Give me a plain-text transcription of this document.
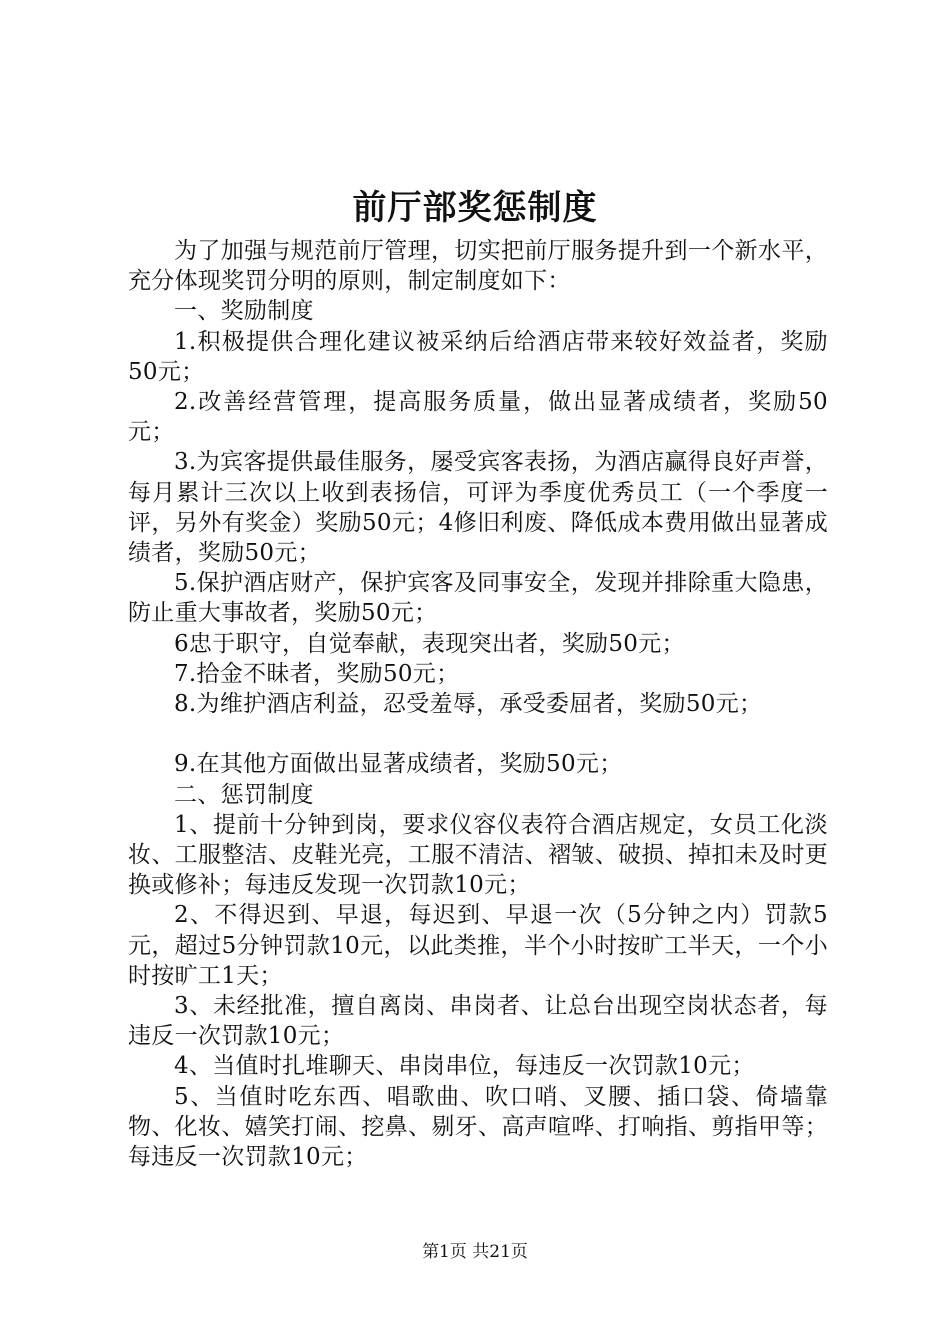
前厅部奖惩制度

为了加强与规范前厅管理，切实把前厅服务提升到一个新水平，充分体现奖罚分明的原则，制定制度如下：

一、奖励制度

1.积极提供合理化建议被采纳后给酒店带来较好效益者，奖励50元；

2.改善经营管理，提高服务质量，做出显著成绩者，奖励50元；

3.为宾客提供最佳服务，屡受宾客表扬，为酒店赢得良好声誉，每月累计三次以上收到表扬信，可评为季度优秀员工（一个季度一评，另外有奖金）奖励50元；4修旧利废、降低成本费用做出显著成绩者，奖励50元；

5.保护酒店财产，保护宾客及同事安全，发现并排除重大隐患，防止重大事故者，奖励50元；

6忠于职守，自觉奉献，表现突出者，奖励50元；

7.拾金不昧者，奖励50元；

8.为维护酒店利益，忍受羞辱，承受委屈者，奖励50元；

9.在其他方面做出显著成绩者，奖励50元；

二、惩罚制度

1、提前十分钟到岗，要求仪容仪表符合酒店规定，女员工化淡妆、工服整洁、皮鞋光亮，工服不清洁、褶皱、破损、掉扣未及时更换或修补；每违反发现一次罚款10元；

2、不得迟到、早退，每迟到、早退一次（5分钟之内）罚款5元，超过5分钟罚款10元，以此类推，半个小时按旷工半天，一个小时按旷工1天；

3、未经批准，擅自离岗、串岗者、让总台出现空岗状态者，每违反一次罚款10元；

4、当值时扎堆聊天、串岗串位，每违反一次罚款10元；

5、当值时吃东西、唱歌曲、吹口哨、叉腰、插口袋、倚墙靠物、化妆、嬉笑打闹、挖鼻、剔牙、高声喧哗、打响指、剪指甲等；每违反一次罚款10元；

第1页 共21页
